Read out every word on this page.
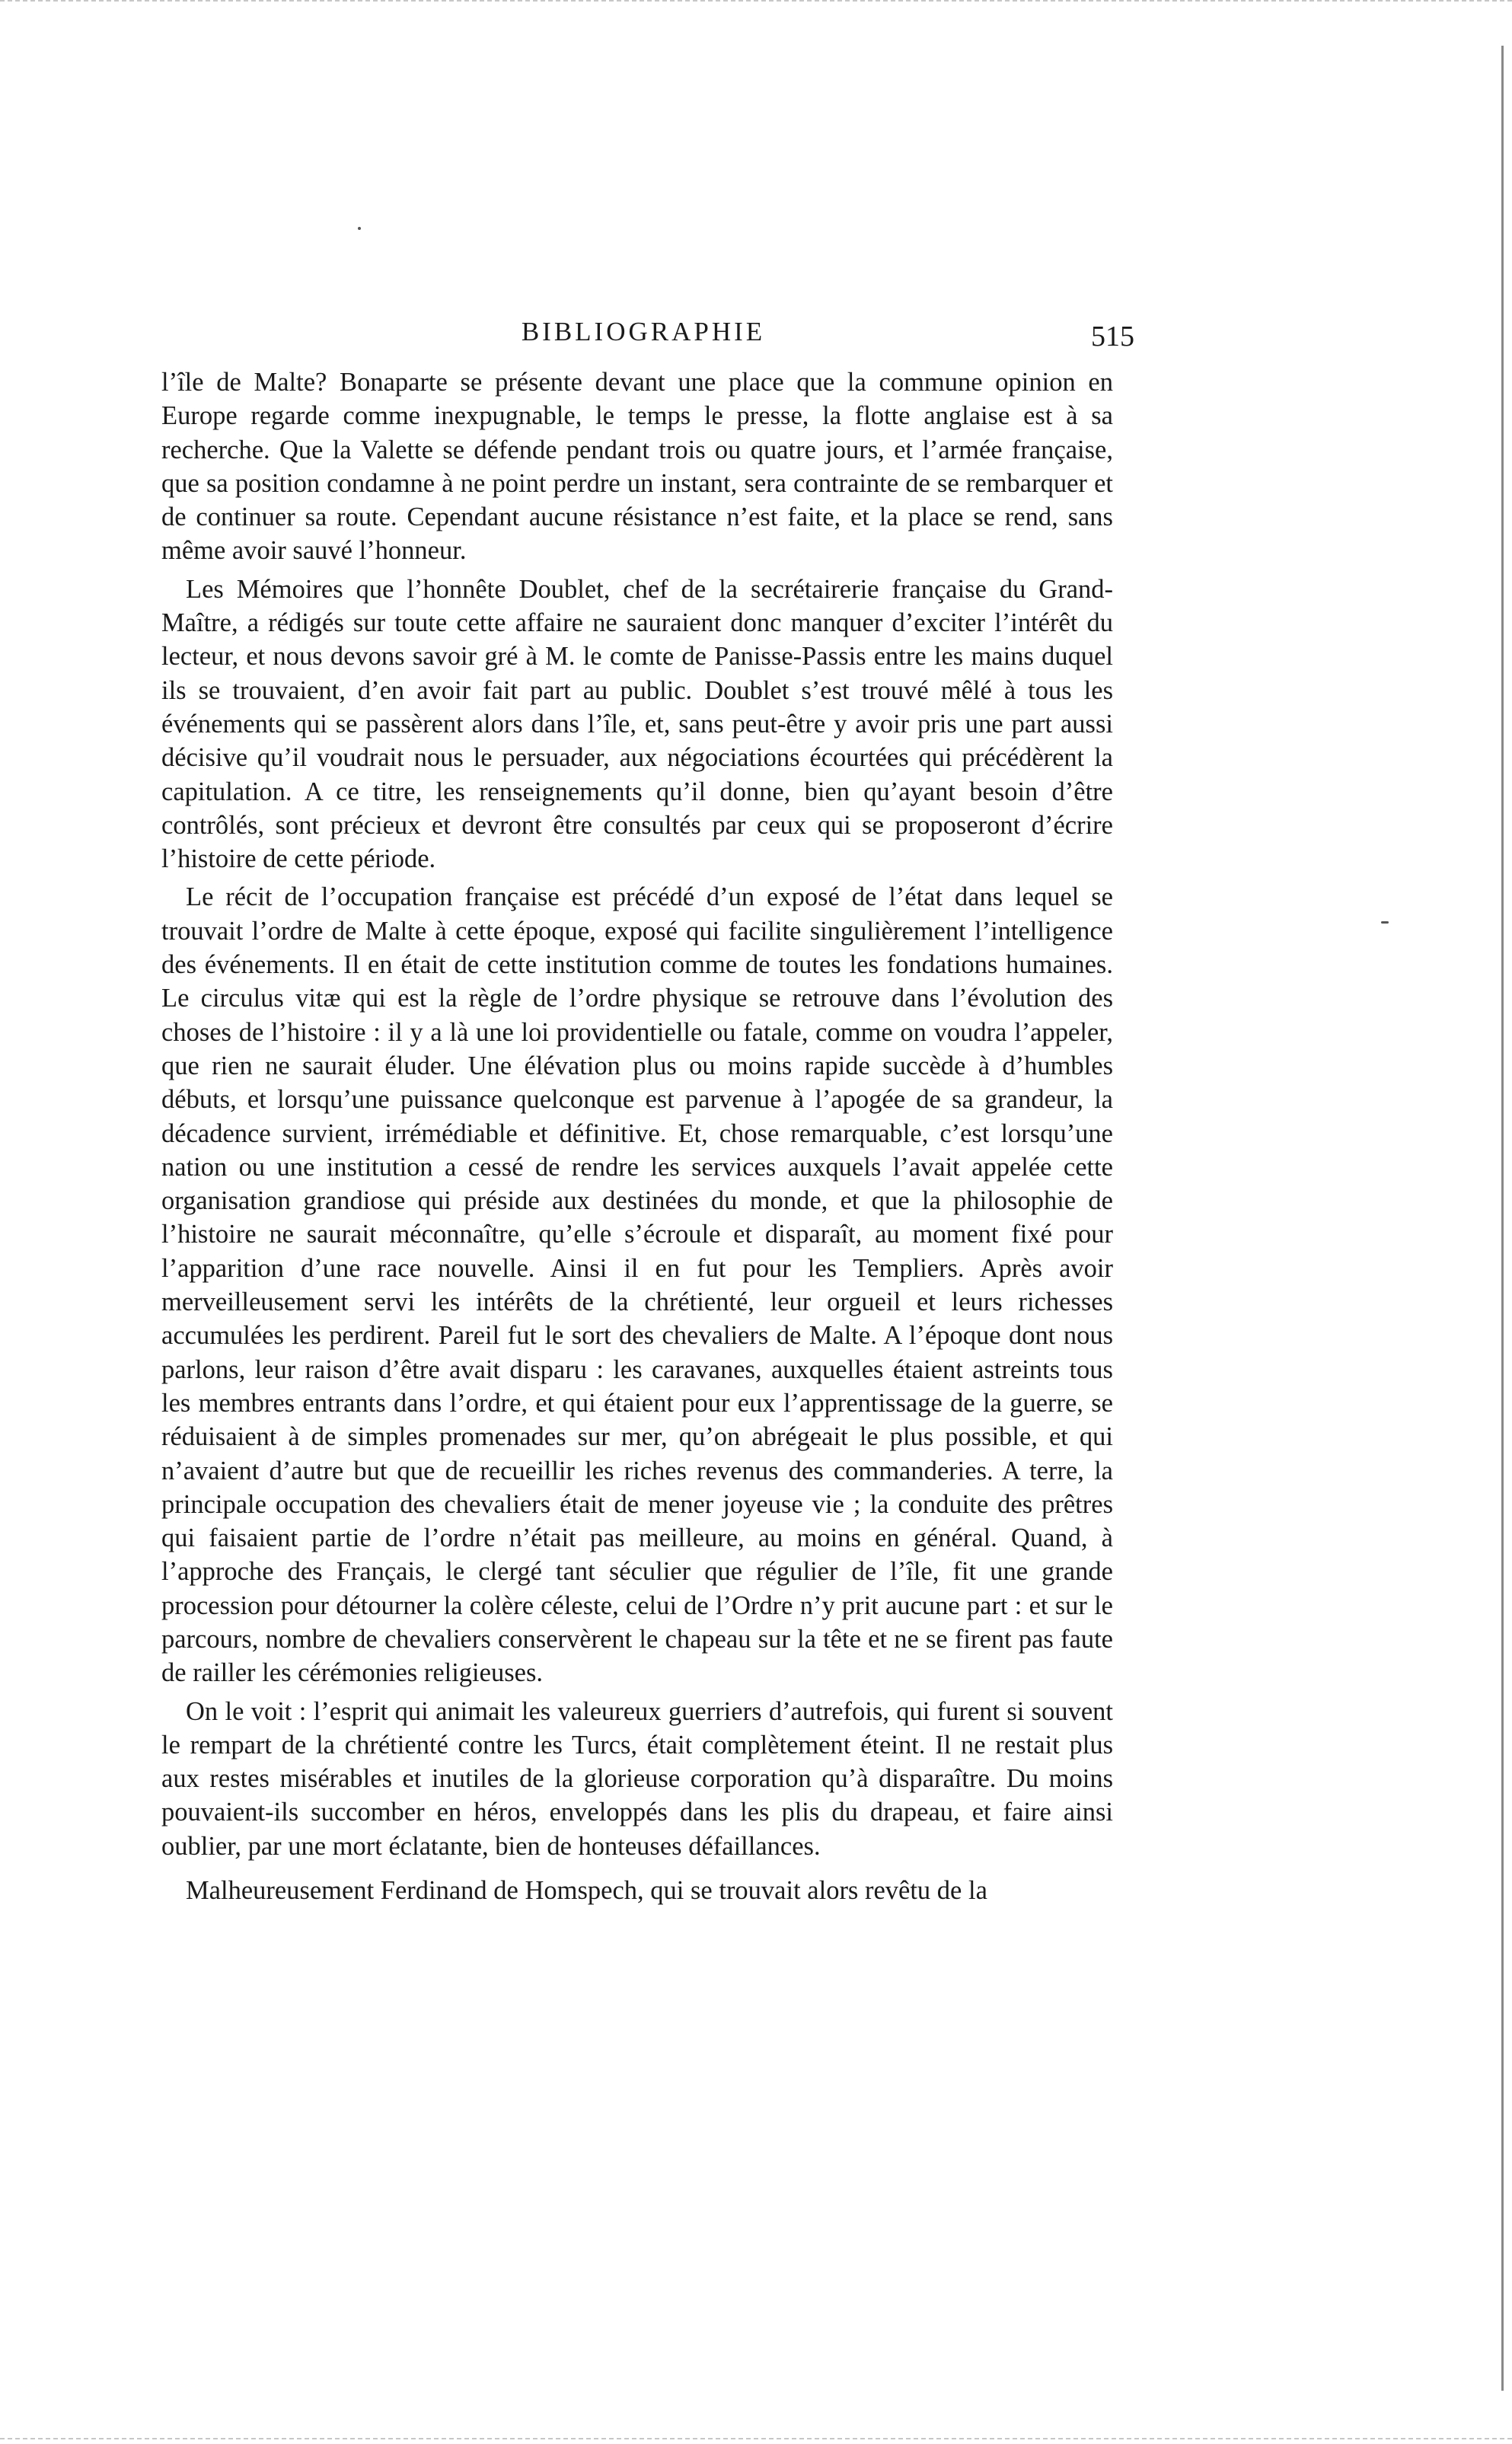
BIBLIOGRAPHIE	515

l’île de Malte? Bonaparte se présente devant une place que la commune opinion en Europe regarde comme inexpugnable, le temps le presse, la flotte anglaise est à sa recherche. Que la Valette se défende pendant trois ou quatre jours, et l’armée française, que sa position condamne à ne point perdre un instant, sera contrainte de se rembarquer et de continuer sa route. Cependant aucune résistance n’est faite, et la place se rend, sans même avoir sauvé l’honneur.

Les Mémoires que l’honnête Doublet, chef de la secrétairerie française du Grand-Maître, a rédigés sur toute cette affaire ne sauraient donc manquer d’exciter l’intérêt du lecteur, et nous devons savoir gré à M. le comte de Panisse-Passis entre les mains duquel ils se trouvaient, d’en avoir fait part au public. Doublet s’est trouvé mêlé à tous les événements qui se passèrent alors dans l’île, et, sans peut-être y avoir pris une part aussi décisive qu’il voudrait nous le persuader, aux négociations écourtées qui précédèrent la capitulation. A ce titre, les renseignements qu’il donne, bien qu’ayant besoin d’être contrôlés, sont précieux et devront être consultés par ceux qui se proposeront d’écrire l’histoire de cette période.

Le récit de l’occupation française est précédé d’un exposé de l’état dans lequel se trouvait l’ordre de Malte à cette époque, exposé qui facilite singulièrement l’intelligence des événements. Il en était de cette institution comme de toutes les fondations humaines. Le circulus vitæ qui est la règle de l’ordre physique se retrouve dans l’évolution des choses de l’histoire : il y a là une loi providentielle ou fatale, comme on voudra l’appeler, que rien ne saurait éluder. Une élévation plus ou moins rapide succède à d’humbles débuts, et lorsqu’une puissance quelconque est parvenue à l’apogée de sa grandeur, la décadence survient, irrémédiable et définitive. Et, chose remarquable, c’est lorsqu’une nation ou une institution a cessé de rendre les services auxquels l’avait appelée cette organisation grandiose qui préside aux destinées du monde, et que la philosophie de l’histoire ne saurait méconnaître, qu’elle s’écroule et disparaît, au moment fixé pour l’apparition d’une race nouvelle. Ainsi il en fut pour les Templiers. Après avoir merveilleusement servi les intérêts de la chrétienté, leur orgueil et leurs richesses accumulées les perdirent. Pareil fut le sort des chevaliers de Malte. A l’époque dont nous parlons, leur raison d’être avait disparu : les caravanes, auxquelles étaient astreints tous les membres entrants dans l’ordre, et qui étaient pour eux l’apprentissage de la guerre, se réduisaient à de simples promenades sur mer, qu’on abrégeait le plus possible, et qui n’avaient d’autre but que de recueillir les riches revenus des commanderies. A terre, la principale occupation des chevaliers était de mener joyeuse vie ; la conduite des prêtres qui faisaient partie de l’ordre n’était pas meilleure, au moins en général. Quand, à l’approche des Français, le clergé tant séculier que régulier de l’île, fit une grande procession pour détourner la colère céleste, celui de l’Ordre n’y prit aucune part : et sur le parcours, nombre de chevaliers conservèrent le chapeau sur la tête et ne se firent pas faute de railler les cérémonies religieuses.

On le voit : l’esprit qui animait les valeureux guerriers d’autrefois, qui furent si souvent le rempart de la chrétienté contre les Turcs, était complètement éteint. Il ne restait plus aux restes misérables et inutiles de la glorieuse corporation qu’à disparaître. Du moins pouvaient-ils succomber en héros, enveloppés dans les plis du drapeau, et faire ainsi oublier, par une mort éclatante, bien de honteuses défaillances.

Malheureusement Ferdinand de Homspech, qui se trouvait alors revêtu de la
